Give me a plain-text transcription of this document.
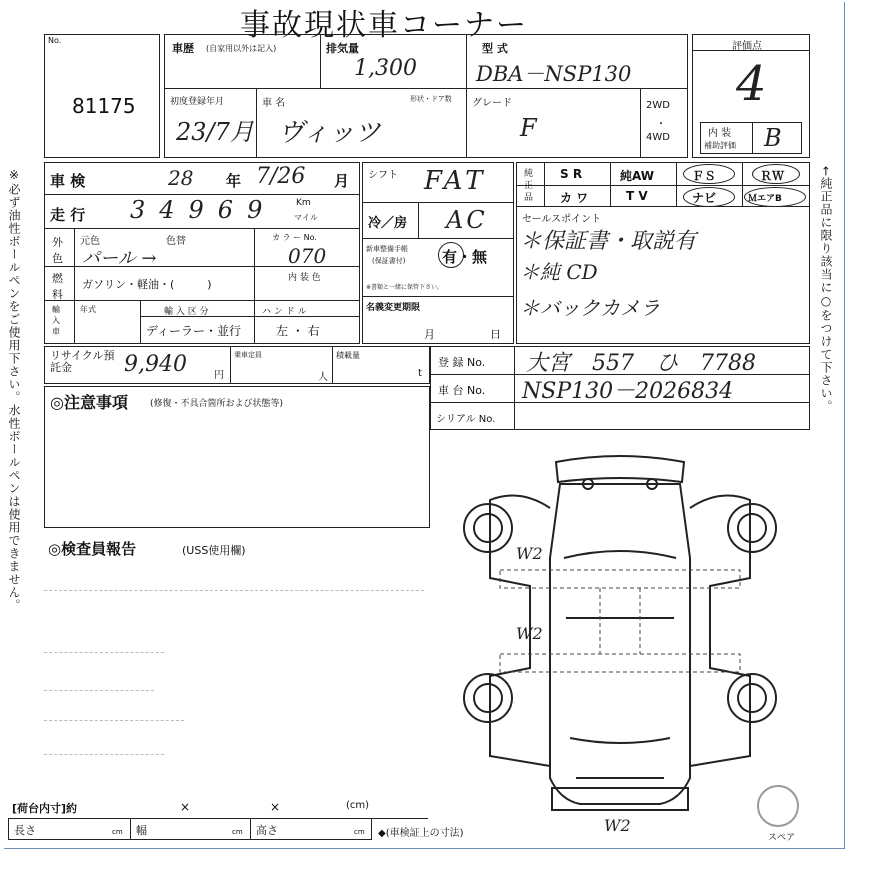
事故現状車コーナー
※必ず油性ボールペンをご使用下さい。水性ボールペンは使用できません。	←純正品に限り該当に○をつけて下さい。
No.
81175
車歴 (自家用以外は記入)	排気量
1,300
型 式
DBA－NSP130
初度登録年月
23/7月
車 名
ヴィッツ
形状・ドア数 グレード
F
2WD
・
4WD
評価点
4
内 装
補助評価 B
車 検	28 年 7/26 月
走 行 34969 Km
マイル
外色
元色	色替
パール →
カ ラ ー No.
070
燃料
ガソリン・軽油・(　　　)	内 装 色
輸入車
年式	輸 入 区 分
ディーラー・並行
ハ ン ド ル
左 ・ 右
シフト FAT
冷／房 AC
新車整備手帳
(保証書付) 有・無
※書類と一緒に保管下さい。
名義変更期限
月	日
純正品
S R	純AW	ＦＳ	ＲＷ
カ ワ	T V	ナビ	ＭエアB
セールスポイント
＊保証書・取説有
＊純 CD
＊バックカメラ
リサイクル預託金	9,940	円
乗車定員
人
積載量
t
登 録 No. 大宮　557　ひ　7788
車 台 No. NSP130－2026834
シリアル No.
◎注意事項 (修復・不具合箇所および状態等)
◎検査員報告	(USS使用欄)	W2
W2
W2
スペア
[荷台内寸]約	×	×	(cm)
長さ	cm 幅	cm 高さ	cm ◆(車検証上の寸法)
